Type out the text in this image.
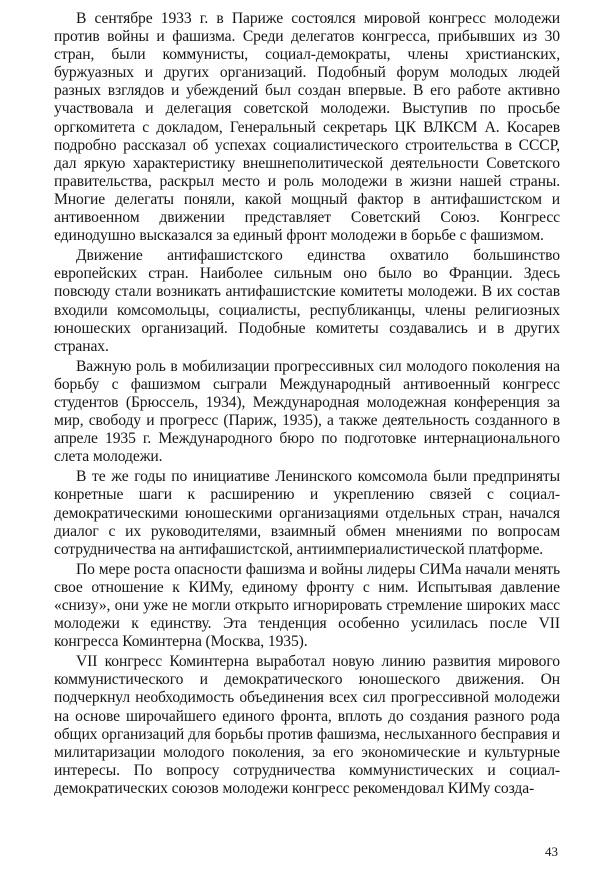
В сентябре 1933 г. в Париже состоялся мировой конгресс молодежи против войны и фашизма. Среди делегатов конгресса, прибывших из 30 стран, были коммунисты, социал-демократы, члены христианских, буржуазных и других организаций. Подобный форум молодых людей разных взглядов и убеждений был создан впервые. В его работе активно участвовала и делегация советской молодежи. Выступив по просьбе оргкомитета с докладом, Генеральный секретарь ЦК ВЛКСМ А. Косарев подробно рассказал об успехах социалистического строительства в СССР, дал яркую характеристику внешнеполитической деятельности Советского правительства, раскрыл место и роль молодежи в жизни нашей страны. Многие делегаты поняли, какой мощный фактор в антифашистском и антивоенном движении представляет Советский Союз. Конгресс единодушно высказался за единый фронт молодежи в борьбе с фашизмом.

Движение антифашистского единства охватило большинство европейских стран. Наиболее сильным оно было во Франции. Здесь повсюду стали возникать антифашистские комитеты молодежи. В их состав входили комсомольцы, социалисты, республиканцы, члены религиозных юношеских организаций. Подобные комитеты создавались и в других странах.

Важную роль в мобилизации прогрессивных сил молодого поколения на борьбу с фашизмом сыграли Международный антивоенный конгресс студентов (Брюссель, 1934), Международная молодежная конференция за мир, свободу и прогресс (Париж, 1935), а также деятельность созданного в апреле 1935 г. Международного бюро по подготовке интернационального слета молодежи.

В те же годы по инициативе Ленинского комсомола были предприняты конретные шаги к расширению и укреплению связей с социал-демократическими юношескими организациями отдельных стран, начался диалог с их руководителями, взаимный обмен мнениями по вопросам сотрудничества на антифашистской, антиимпериалистической платформе.

По мере роста опасности фашизма и войны лидеры СИМа начали менять свое отношение к КИМу, единому фронту с ним. Испытывая давление «снизу», они уже не могли открыто игнорировать стремление широких масс молодежи к единству. Эта тенденция особенно усилилась после VII конгресса Коминтерна (Москва, 1935).

VII конгресс Коминтерна выработал новую линию развития мирового коммунистического и демократического юношеского движения. Он подчеркнул необходимость объединения всех сил прогрессивной молодежи на основе широчайшего единого фронта, вплоть до создания разного рода общих организаций для борьбы против фашизма, неслыханного бесправия и милитаризации молодого поколения, за его экономические и культурные интересы. По вопросу сотрудничества коммунистических и социал-демократических союзов молодежи конгресс рекомендовал КИМу созда-

43
